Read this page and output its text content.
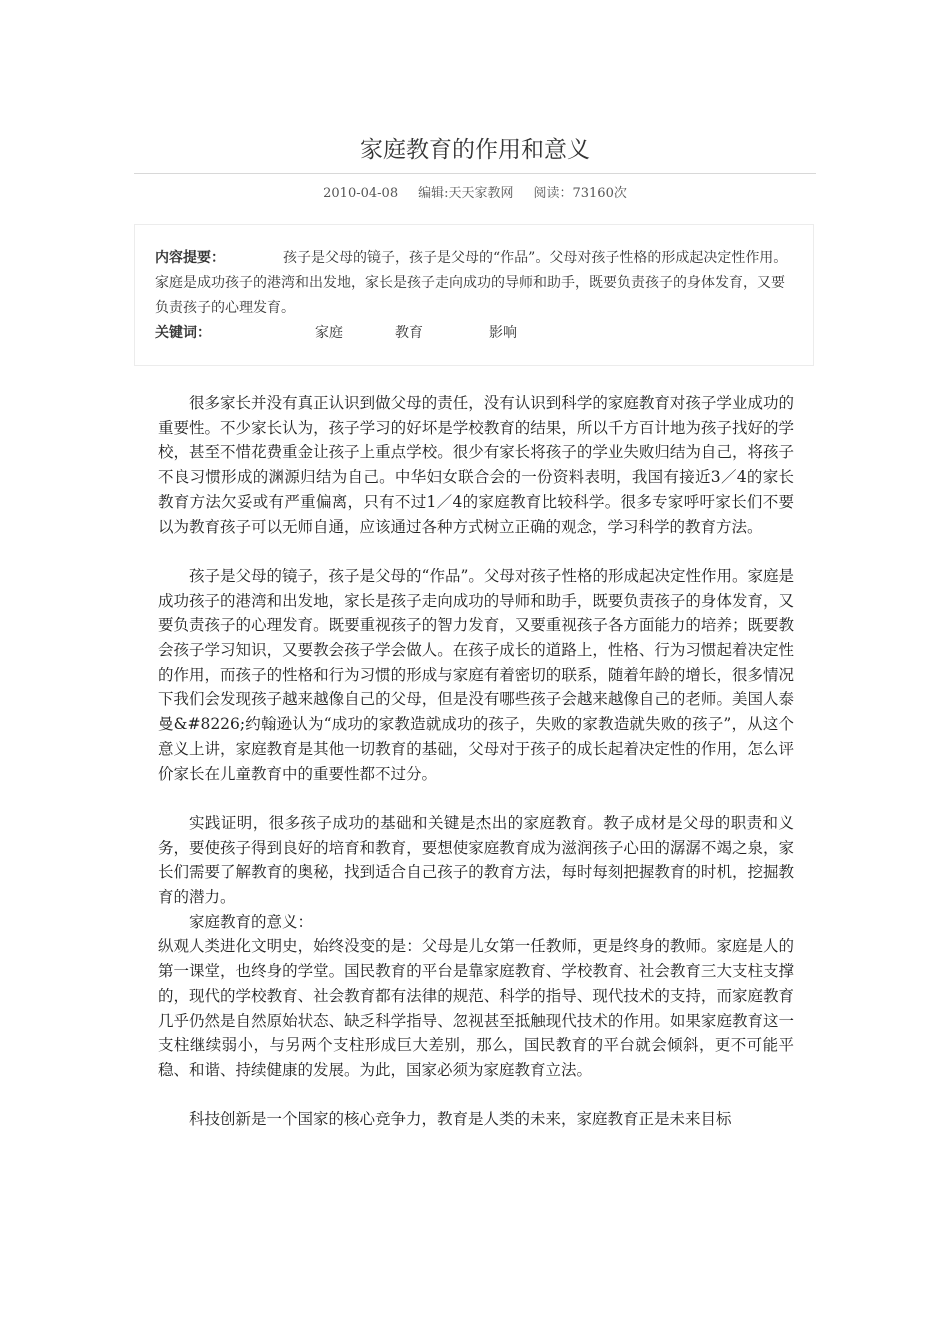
家庭教育的作用和意义
2010-04-08 编辑:天天家教网 阅读：73160次
内容提要：	孩子是父母的镜子，孩子是父母的“作品”。父母对孩子性格的形成起决定性作用。家庭是成功孩子的港湾和出发地，家长是孩子走向成功的导师和助手，既要负责孩子的身体发育，又要负责孩子的心理发育。
关键词：	家庭	教育	影响

很多家长并没有真正认识到做父母的责任，没有认识到科学的家庭教育对孩子学业成功的重要性。不少家长认为，孩子学习的好坏是学校教育的结果，所以千方百计地为孩子找好的学校，甚至不惜花费重金让孩子上重点学校。很少有家长将孩子的学业失败归结为自己，将孩子不良习惯形成的渊源归结为自己。中华妇女联合会的一份资料表明，我国有接近3／4的家长教育方法欠妥或有严重偏离，只有不过1／4的家庭教育比较科学。很多专家呼吁家长们不要以为教育孩子可以无师自通，应该通过各种方式树立正确的观念，学习科学的教育方法。

孩子是父母的镜子，孩子是父母的“作品”。父母对孩子性格的形成起决定性作用。家庭是成功孩子的港湾和出发地，家长是孩子走向成功的导师和助手，既要负责孩子的身体发育，又要负责孩子的心理发育。既要重视孩子的智力发育，又要重视孩子各方面能力的培养；既要教会孩子学习知识，又要教会孩子学会做人。在孩子成长的道路上，性格、行为习惯起着决定性的作用，而孩子的性格和行为习惯的形成与家庭有着密切的联系，随着年龄的增长，很多情况下我们会发现孩子越来越像自己的父母，但是没有哪些孩子会越来越像自己的老师。美国人泰曼&#8226;约翰逊认为“成功的家教造就成功的孩子，失败的家教造就失败的孩子”，从这个意义上讲，家庭教育是其他一切教育的基础，父母对于孩子的成长起着决定性的作用，怎么评价家长在儿童教育中的重要性都不过分。

实践证明，很多孩子成功的基础和关键是杰出的家庭教育。教子成材是父母的职责和义务，要使孩子得到良好的培育和教育，要想使家庭教育成为滋润孩子心田的潺潺不竭之泉，家长们需要了解教育的奥秘，找到适合自己孩子的教育方法，每时每刻把握教育的时机，挖掘教育的潜力。

家庭教育的意义：

纵观人类进化文明史，始终没变的是：父母是儿女第一任教师，更是终身的教师。家庭是人的第一课堂，也终身的学堂。国民教育的平台是靠家庭教育、学校教育、社会教育三大支柱支撑的，现代的学校教育、社会教育都有法律的规范、科学的指导、现代技术的支持，而家庭教育几乎仍然是自然原始状态、缺乏科学指导、忽视甚至抵触现代技术的作用。如果家庭教育这一支柱继续弱小，与另两个支柱形成巨大差别，那么，国民教育的平台就会倾斜，更不可能平稳、和谐、持续健康的发展。为此，国家必须为家庭教育立法。

科技创新是一个国家的核心竞争力，教育是人类的未来，家庭教育正是未来目标
